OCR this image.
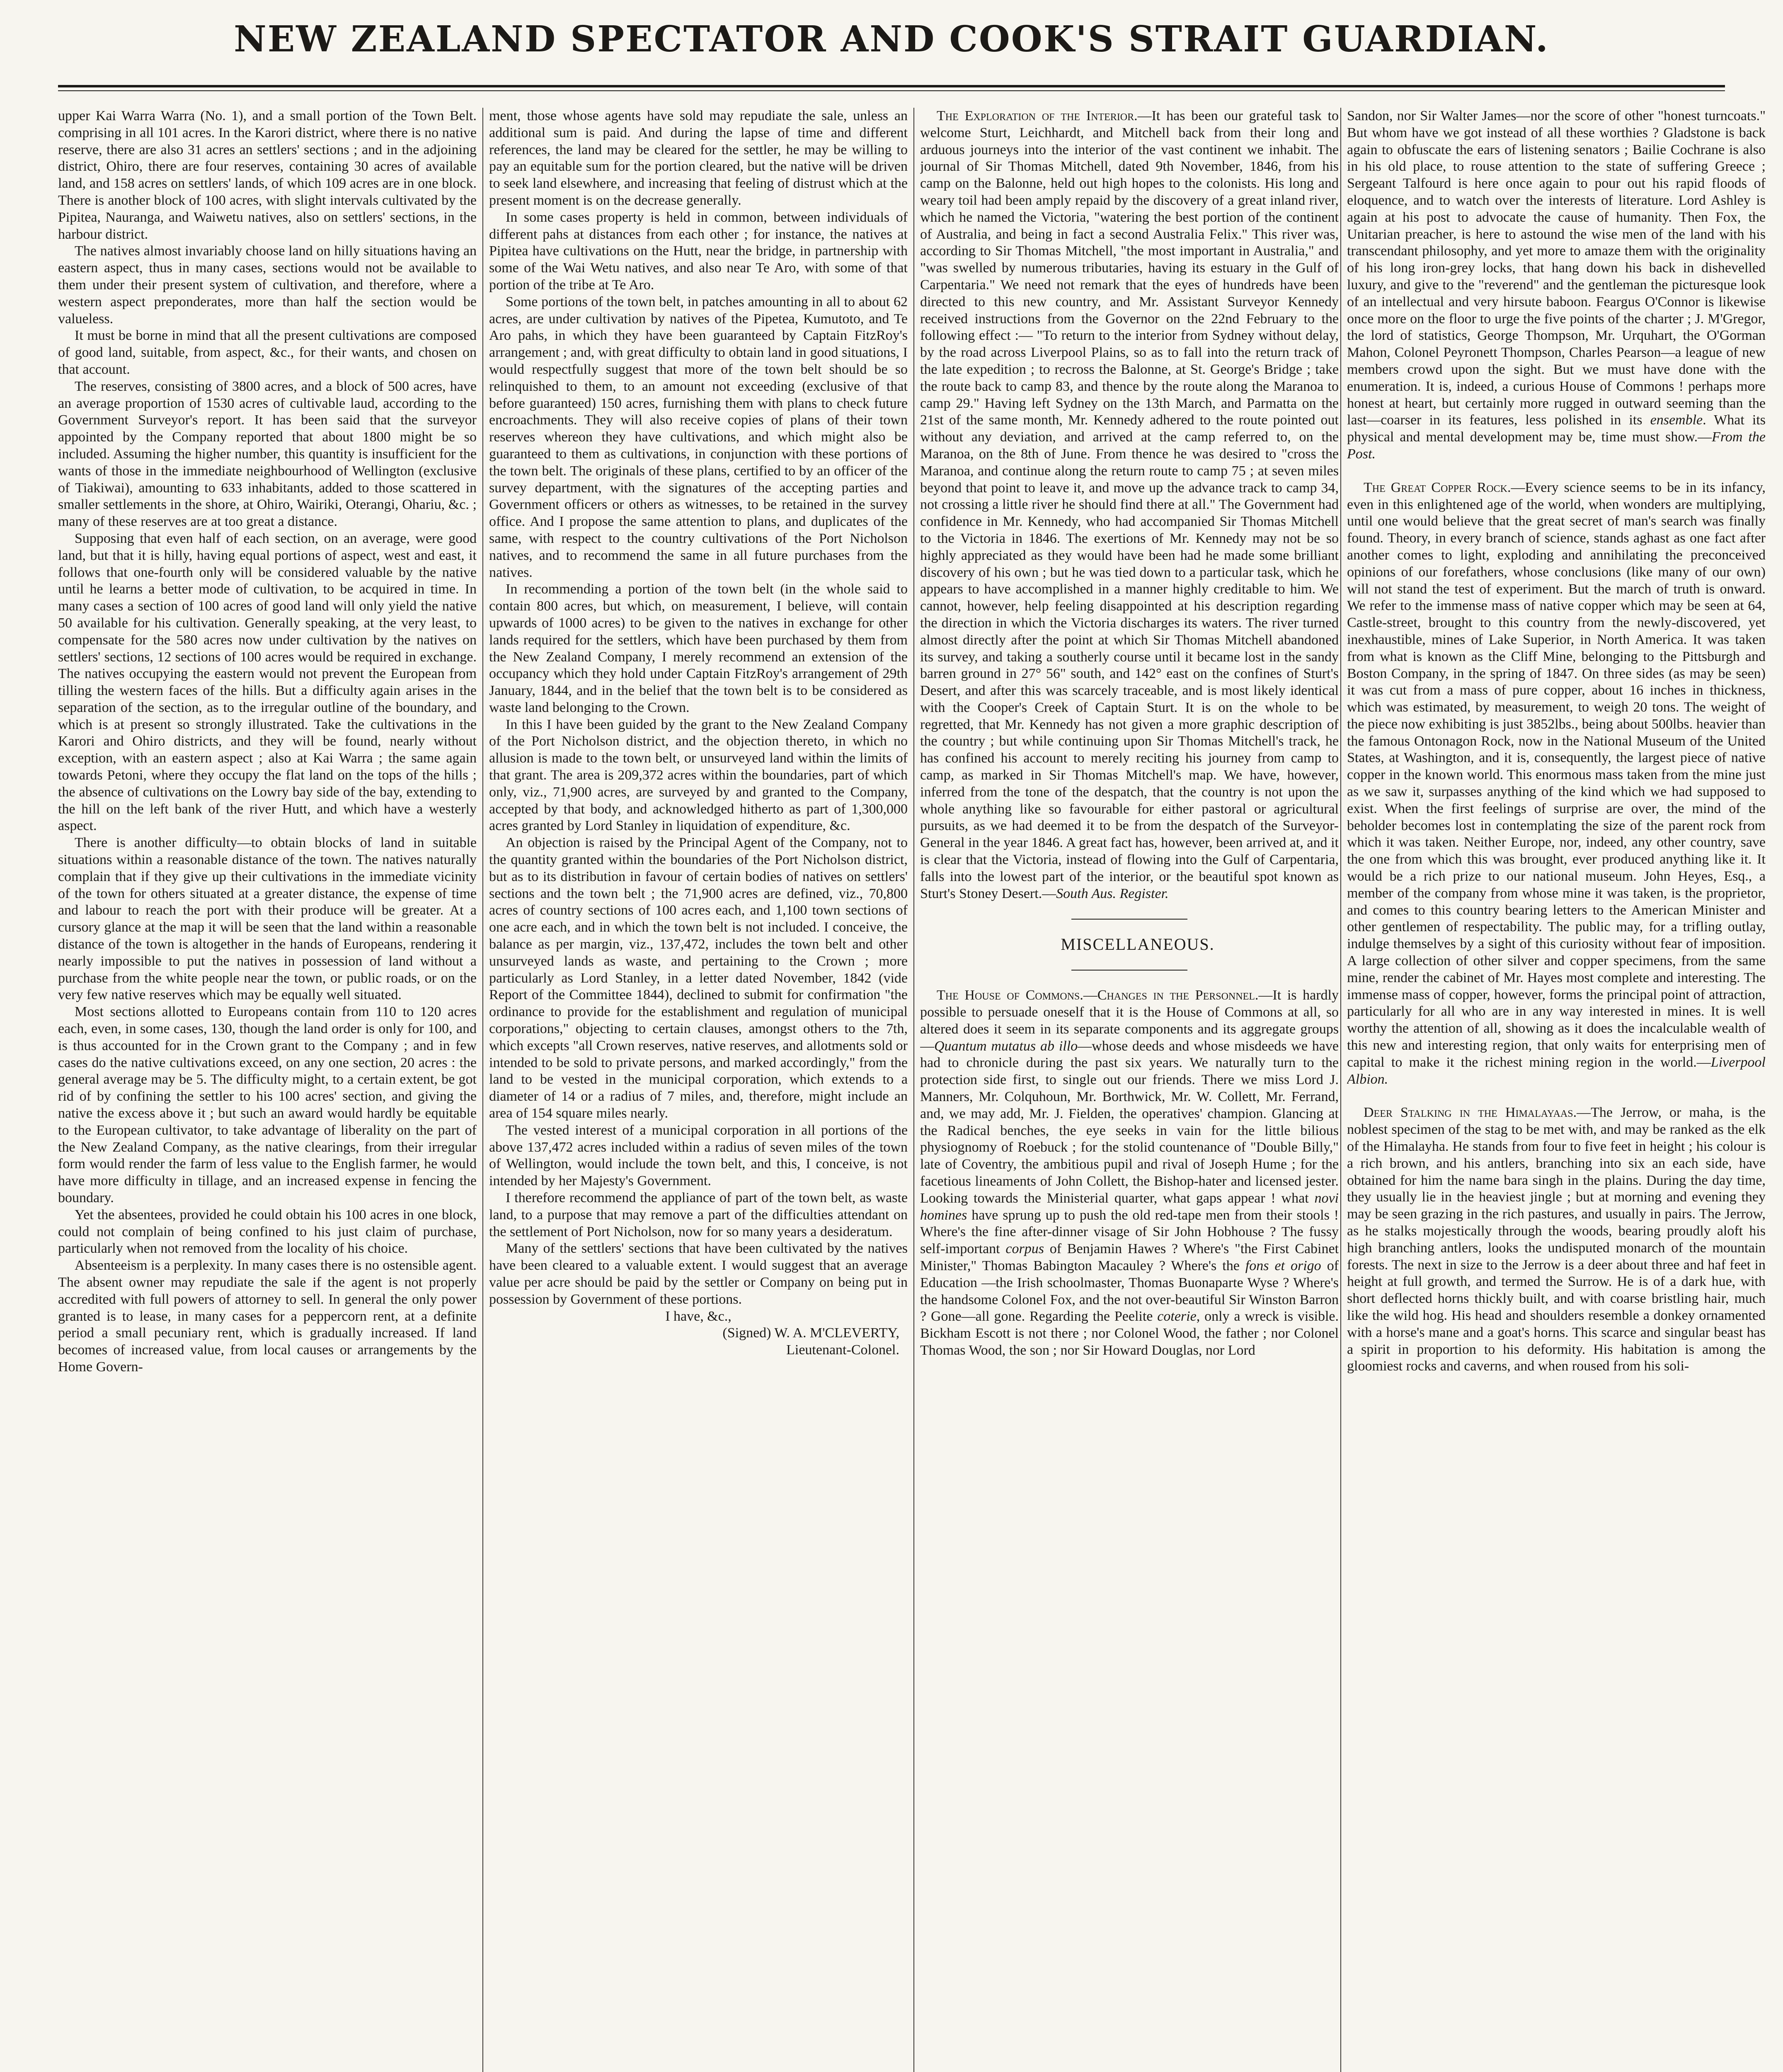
NEW ZEALAND SPECTATOR AND COOK'S STRAIT GUARDIAN.

upper Kai Warra Warra (No. 1), and a small portion of the Town Belt. comprising in all 101 acres. In the Karori district, where there is no native reserve, there are also 31 acres an settlers' sections ; and in the adjoining district, Ohiro, there are four reserves, containing 30 acres of available land, and 158 acres on settlers' lands, of which 109 acres are in one block. There is another block of 100 acres, with slight intervals cultivated by the Pipitea, Nauranga, and Waiwetu natives, also on settlers' sections, in the harbour district.

The natives almost invariably choose land on hilly situations having an eastern aspect, thus in many cases, sections would not be available to them under their present system of cultivation, and therefore, where a western aspect preponderates, more than half the section would be valueless.

It must be borne in mind that all the present cultivations are composed of good land, suitable, from aspect, &c., for their wants, and chosen on that account.

The reserves, consisting of 3800 acres, and a block of 500 acres, have an average proportion of 1530 acres of cultivable laud, according to the Government Surveyor's report. It has been said that the surveyor appointed by the Company reported that about 1800 might be so included. Assuming the higher number, this quantity is insufficient for the wants of those in the immediate neighbourhood of Wellington (exclusive of Tiakiwai), amounting to 633 inhabitants, added to those scattered in smaller settlements in the shore, at Ohiro, Wairiki, Oterangi, Ohariu, &c. ; many of these reserves are at too great a distance.

Supposing that even half of each section, on an average, were good land, but that it is hilly, having equal portions of aspect, west and east, it follows that one-fourth only will be considered valuable by the native until he learns a better mode of cultivation, to be acquired in time. In many cases a section of 100 acres of good land will only yield the native 50 available for his cultivation. Generally speaking, at the very least, to compensate for the 580 acres now under cultivation by the natives on settlers' sections, 12 sections of 100 acres would be required in exchange. The natives occupying the eastern would not prevent the European from tilling the western faces of the hills. But a difficulty again arises in the separation of the section, as to the irregular outline of the boundary, and which is at present so strongly illustrated. Take the cultivations in the Karori and Ohiro districts, and they will be found, nearly without exception, with an eastern aspect ; also at Kai Warra ; the same again towards Petoni, where they occupy the flat land on the tops of the hills ; the absence of cultivations on the Lowry bay side of the bay, extending to the hill on the left bank of the river Hutt, and which have a westerly aspect.

There is another difficulty—to obtain blocks of land in suitable situations within a reasonable distance of the town. The natives naturally complain that if they give up their cultivations in the immediate vicinity of the town for others situated at a greater distance, the expense of time and labour to reach the port with their produce will be greater. At a cursory glance at the map it will be seen that the land within a reasonable distance of the town is altogether in the hands of Europeans, rendering it nearly impossible to put the natives in possession of land without a purchase from the white people near the town, or public roads, or on the very few native reserves which may be equally well situated.

Most sections allotted to Europeans contain from 110 to 120 acres each, even, in some cases, 130, though the land order is only for 100, and is thus accounted for in the Crown grant to the Company ; and in few cases do the native cultivations exceed, on any one section, 20 acres : the general average may be 5. The difficulty might, to a certain extent, be got rid of by confining the settler to his 100 acres' section, and giving the native the excess above it ; but such an award would hardly be equitable to the European cultivator, to take advantage of liberality on the part of the New Zealand Company, as the native clearings, from their irregular form would render the farm of less value to the English farmer, he would have more difficulty in tillage, and an increased expense in fencing the boundary.

Yet the absentees, provided he could obtain his 100 acres in one block, could not complain of being confined to his just claim of purchase, particularly when not removed from the locality of his choice.

Absenteeism is a perplexity. In many cases there is no ostensible agent. The absent owner may repudiate the sale if the agent is not properly accredited with full powers of attorney to sell. In general the only power granted is to lease, in many cases for a peppercorn rent, at a definite period a small pecuniary rent, which is gradually increased. If land becomes of increased value, from local causes or arrangements by the Home Govern-

ment, those whose agents have sold may repudiate the sale, unless an additional sum is paid. And during the lapse of time and different references, the land may be cleared for the settler, he may be willing to pay an equitable sum for the portion cleared, but the native will be driven to seek land elsewhere, and increasing that feeling of distrust which at the present moment is on the decrease generally.

In some cases property is held in common, between individuals of different pahs at distances from each other ; for instance, the natives at Pipitea have cultivations on the Hutt, near the bridge, in partnership with some of the Wai Wetu natives, and also near Te Aro, with some of that portion of the tribe at Te Aro.

Some portions of the town belt, in patches amounting in all to about 62 acres, are under cultivation by natives of the Pipetea, Kumutoto, and Te Aro pahs, in which they have been guaranteed by Captain FitzRoy's arrangement ; and, with great difficulty to obtain land in good situations, I would respectfully suggest that more of the town belt should be so relinquished to them, to an amount not exceeding (exclusive of that before guaranteed) 150 acres, furnishing them with plans to check future encroachments. They will also receive copies of plans of their town reserves whereon they have cultivations, and which might also be guaranteed to them as cultivations, in conjunction with these portions of the town belt. The originals of these plans, certified to by an officer of the survey department, with the signatures of the accepting parties and Government officers or others as witnesses, to be retained in the survey office. And I propose the same attention to plans, and duplicates of the same, with respect to the country cultivations of the Port Nicholson natives, and to recommend the same in all future purchases from the natives.

In recommending a portion of the town belt (in the whole said to contain 800 acres, but which, on measurement, I believe, will contain upwards of 1000 acres) to be given to the natives in exchange for other lands required for the settlers, which have been purchased by them from the New Zealand Company, I merely recommend an extension of the occupancy which they hold under Captain FitzRoy's arrangement of 29th January, 1844, and in the belief that the town belt is to be considered as waste land belonging to the Crown.

In this I have been guided by the grant to the New Zealand Company of the Port Nicholson district, and the objection thereto, in which no allusion is made to the town belt, or unsurveyed land within the limits of that grant. The area is 209,372 acres within the boundaries, part of which only, viz., 71,900 acres, are surveyed by and granted to the Company, accepted by that body, and acknowledged hitherto as part of 1,300,000 acres granted by Lord Stanley in liquidation of expenditure, &c.

An objection is raised by the Principal Agent of the Company, not to the quantity granted within the boundaries of the Port Nicholson district, but as to its distribution in favour of certain bodies of natives on settlers' sections and the town belt ; the 71,900 acres are defined, viz., 70,800 acres of country sections of 100 acres each, and 1,100 town sections of one acre each, and in which the town belt is not included. I conceive, the balance as per margin, viz., 137,472, includes the town belt and other unsurveyed lands as waste, and pertaining to the Crown ; more particularly as Lord Stanley, in a letter dated November, 1842 (vide Report of the Committee 1844), declined to submit for confirmation "the ordinance to provide for the establishment and regulation of municipal corporations," objecting to certain clauses, amongst others to the 7th, which excepts "all Crown reserves, native reserves, and allotments sold or intended to be sold to private persons, and marked accordingly," from the land to be vested in the municipal corporation, which extends to a diameter of 14 or a radius of 7 miles, and, therefore, might include an area of 154 square miles nearly.

The vested interest of a municipal corporation in all portions of the above 137,472 acres included within a radius of seven miles of the town of Wellington, would include the town belt, and this, I conceive, is not intended by her Majesty's Government.

I therefore recommend the appliance of part of the town belt, as waste land, to a purpose that may remove a part of the difficulties attendant on the settlement of Port Nicholson, now for so many years a desideratum.

Many of the settlers' sections that have been cultivated by the natives have been cleared to a valuable extent. I would suggest that an average value per acre should be paid by the settler or Company on being put in possession by Government of these portions.

I have, &c.,

(Signed) W. A. M'CLEVERTY,
Lieutenant-Colonel.

The Exploration of the Interior.—It has been our grateful task to welcome Sturt, Leichhardt, and Mitchell back from their long and arduous journeys into the interior of the vast continent we inhabit. The journal of Sir Thomas Mitchell, dated 9th November, 1846, from his camp on the Balonne, held out high hopes to the colonists. His long and weary toil had been amply repaid by the discovery of a great inland river, which he named the Victoria, "watering the best portion of the continent of Australia, and being in fact a second Australia Felix." This river was, according to Sir Thomas Mitchell, "the most important in Australia," and "was swelled by numerous tributaries, having its estuary in the Gulf of Carpentaria." We need not remark that the eyes of hundreds have been directed to this new country, and Mr. Assistant Surveyor Kennedy received instructions from the Governor on the 22nd February to the following effect :— "To return to the interior from Sydney without delay, by the road across Liverpool Plains, so as to fall into the return track of the late expedition ; to recross the Balonne, at St. George's Bridge ; take the route back to camp 83, and thence by the route along the Maranoa to camp 29." Having left Sydney on the 13th March, and Parmatta on the 21st of the same month, Mr. Kennedy adhered to the route pointed out without any deviation, and arrived at the camp referred to, on the Maranoa, on the 8th of June. From thence he was desired to "cross the Maranoa, and continue along the return route to camp 75 ; at seven miles beyond that point to leave it, and move up the advance track to camp 34, not crossing a little river he should find there at all." The Government had confidence in Mr. Kennedy, who had accompanied Sir Thomas Mitchell to the Victoria in 1846. The exertions of Mr. Kennedy may not be so highly appreciated as they would have been had he made some brilliant discovery of his own ; but he was tied down to a particular task, which he appears to have accomplished in a manner highly creditable to him. We cannot, however, help feeling disappointed at his description regarding the direction in which the Victoria discharges its waters. The river turned almost directly after the point at which Sir Thomas Mitchell abandoned its survey, and taking a southerly course until it became lost in the sandy barren ground in 27° 56" south, and 142° east on the confines of Sturt's Desert, and after this was scarcely traceable, and is most likely identical with the Cooper's Creek of Captain Sturt. It is on the whole to be regretted, that Mr. Kennedy has not given a more graphic description of the country ; but while continuing upon Sir Thomas Mitchell's track, he has confined his account to merely reciting his journey from camp to camp, as marked in Sir Thomas Mitchell's map. We have, however, inferred from the tone of the despatch, that the country is not upon the whole anything like so favourable for either pastoral or agricultural pursuits, as we had deemed it to be from the despatch of the Surveyor-General in the year 1846. A great fact has, however, been arrived at, and it is clear that the Victoria, instead of flowing into the Gulf of Carpentaria, falls into the lowest part of the interior, or the beautiful spot known as Sturt's Stoney Desert.—South Aus. Register.

MISCELLANEOUS.

The House of Commons.—Changes in the Personnel.—It is hardly possible to persuade oneself that it is the House of Commons at all, so altered does it seem in its separate components and its aggregate groups —Quantum mutatus ab illo—whose deeds and whose misdeeds we have had to chronicle during the past six years. We naturally turn to the protection side first, to single out our friends. There we miss Lord J. Manners, Mr. Colquhoun, Mr. Borthwick, Mr. W. Collett, Mr. Ferrand, and, we may add, Mr. J. Fielden, the operatives' champion. Glancing at the Radical benches, the eye seeks in vain for the little bilious physiognomy of Roebuck ; for the stolid countenance of "Double Billy," late of Coventry, the ambitious pupil and rival of Joseph Hume ; for the facetious lineaments of John Collett, the Bishop-hater and licensed jester. Looking towards the Ministerial quarter, what gaps appear ! what novi homines have sprung up to push the old red-tape men from their stools ! Where's the fine after-dinner visage of Sir John Hobhouse ? The fussy self-important corpus of Benjamin Hawes ? Where's "the First Cabinet Minister," Thomas Babington Macauley ? Where's the fons et origo of Education —the Irish schoolmaster, Thomas Buonaparte Wyse ? Where's the handsome Colonel Fox, and the not over-beautiful Sir Winston Barron ? Gone—all gone. Regarding the Peelite coterie, only a wreck is visible. Bickham Escott is not there ; nor Colonel Wood, the father ; nor Colonel Thomas Wood, the son ; nor Sir Howard Douglas, nor Lord

Sandon, nor Sir Walter James—nor the score of other "honest turncoats." But whom have we got instead of all these worthies ? Gladstone is back again to obfuscate the ears of listening senators ; Bailie Cochrane is also in his old place, to rouse attention to the state of suffering Greece ; Sergeant Talfourd is here once again to pour out his rapid floods of eloquence, and to watch over the interests of literature. Lord Ashley is again at his post to advocate the cause of humanity. Then Fox, the Unitarian preacher, is here to astound the wise men of the land with his transcendant philosophy, and yet more to amaze them with the originality of his long iron-grey locks, that hang down his back in dishevelled luxury, and give to the "reverend" and the gentleman the picturesque look of an intellectual and very hirsute baboon. Feargus O'Connor is likewise once more on the floor to urge the five points of the charter ; J. M'Gregor, the lord of statistics, George Thompson, Mr. Urquhart, the O'Gorman Mahon, Colonel Peyronett Thompson, Charles Pearson—a league of new members crowd upon the sight. But we must have done with the enumeration. It is, indeed, a curious House of Commons ! perhaps more honest at heart, but certainly more rugged in outward seeming than the last—coarser in its features, less polished in its ensemble. What its physical and mental development may be, time must show.—From the Post.

The Great Copper Rock.—Every science seems to be in its infancy, even in this enlightened age of the world, when wonders are multiplying, until one would believe that the great secret of man's search was finally found. Theory, in every branch of science, stands aghast as one fact after another comes to light, exploding and annihilating the preconceived opinions of our forefathers, whose conclusions (like many of our own) will not stand the test of experiment. But the march of truth is onward. We refer to the immense mass of native copper which may be seen at 64, Castle-street, brought to this country from the newly-discovered, yet inexhaustible, mines of Lake Superior, in North America. It was taken from what is known as the Cliff Mine, belonging to the Pittsburgh and Boston Company, in the spring of 1847. On three sides (as may be seen) it was cut from a mass of pure copper, about 16 inches in thickness, which was estimated, by measurement, to weigh 20 tons. The weight of the piece now exhibiting is just 3852lbs., being about 500lbs. heavier than the famous Ontonagon Rock, now in the National Museum of the United States, at Washington, and it is, consequently, the largest piece of native copper in the known world. This enormous mass taken from the mine just as we saw it, surpasses anything of the kind which we had supposed to exist. When the first feelings of surprise are over, the mind of the beholder becomes lost in contemplating the size of the parent rock from which it was taken. Neither Europe, nor, indeed, any other country, save the one from which this was brought, ever produced anything like it. It would be a rich prize to our national museum. John Heyes, Esq., a member of the company from whose mine it was taken, is the proprietor, and comes to this country bearing letters to the American Minister and other gentlemen of respectability. The public may, for a trifling outlay, indulge themselves by a sight of this curiosity without fear of imposition. A large collection of other silver and copper specimens, from the same mine, render the cabinet of Mr. Hayes most complete and interesting. The immense mass of copper, however, forms the principal point of attraction, particularly for all who are in any way interested in mines. It is well worthy the attention of all, showing as it does the incalculable wealth of this new and interesting region, that only waits for enterprising men of capital to make it the richest mining region in the world.—Liverpool Albion.

Deer Stalking in the Himalayaas.—The Jerrow, or maha, is the noblest specimen of the stag to be met with, and may be ranked as the elk of the Himalayha. He stands from four to five feet in height ; his colour is a rich brown, and his antlers, branching into six an each side, have obtained for him the name bara singh in the plains. During the day time, they usually lie in the heaviest jingle ; but at morning and evening they may be seen grazing in the rich pastures, and usually in pairs. The Jerrow, as he stalks mojestically through the woods, bearing proudly aloft his high branching antlers, looks the undisputed monarch of the mountain forests. The next in size to the Jerrow is a deer about three and haf feet in height at full growth, and termed the Surrow. He is of a dark hue, with short deflected horns thickly built, and with coarse bristling hair, much like the wild hog. His head and shoulders resemble a donkey ornamented with a horse's mane and a goat's horns. This scarce and singular beast has a spirit in proportion to his deformity. His habitation is among the gloomiest rocks and caverns, and when roused from his soli-
